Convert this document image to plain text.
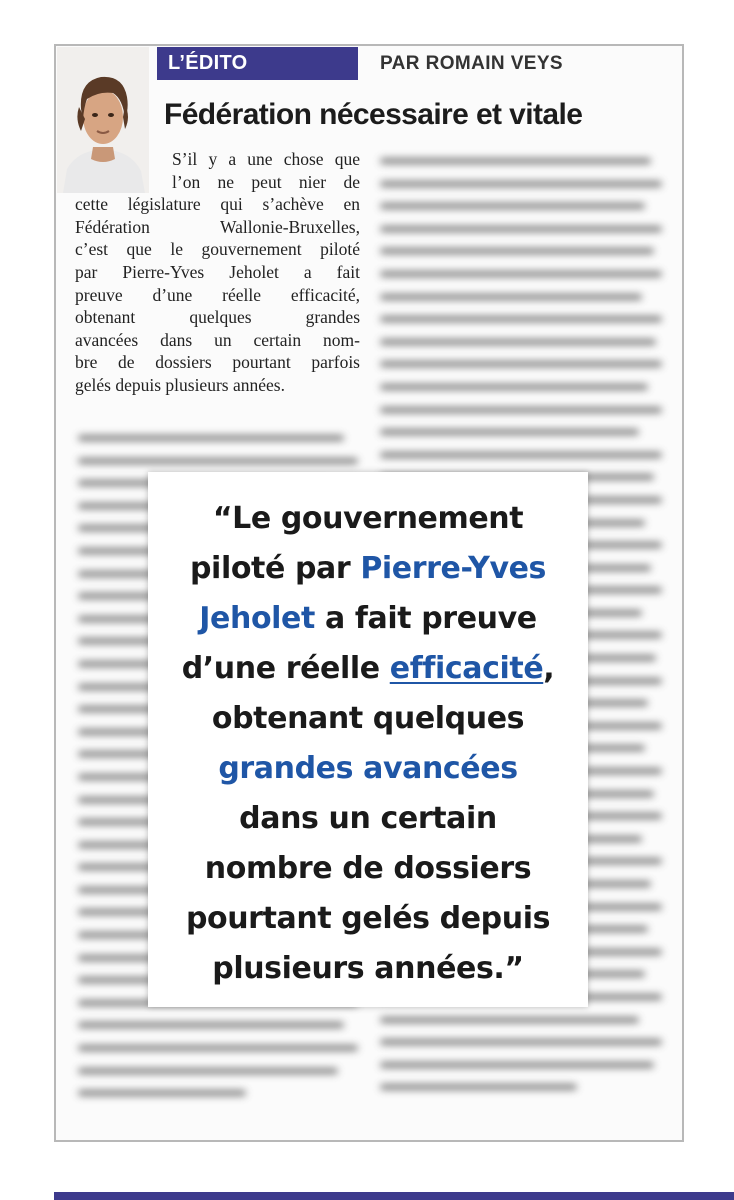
L’ÉDITO	PAR ROMAIN VEYS
Fédération nécessaire et vitale
S’il y a une chose que
l’on ne peut nier de
cette législature qui s’achève en
Fédération Wallonie-Bruxelles,
c’est que le gouvernement piloté
par Pierre-Yves Jeholet a fait
preuve d’une réelle efficacité,
obtenant quelques grandes
avancées dans un certain nom-
bre de dossiers pourtant parfois
gelés depuis plusieurs années.
“Le gouvernement
piloté par Pierre-Yves
Jeholet a fait preuve
d’une réelle efficacité,
obtenant quelques
grandes avancées
dans un certain
nombre de dossiers
pourtant gelés depuis
plusieurs années.”
